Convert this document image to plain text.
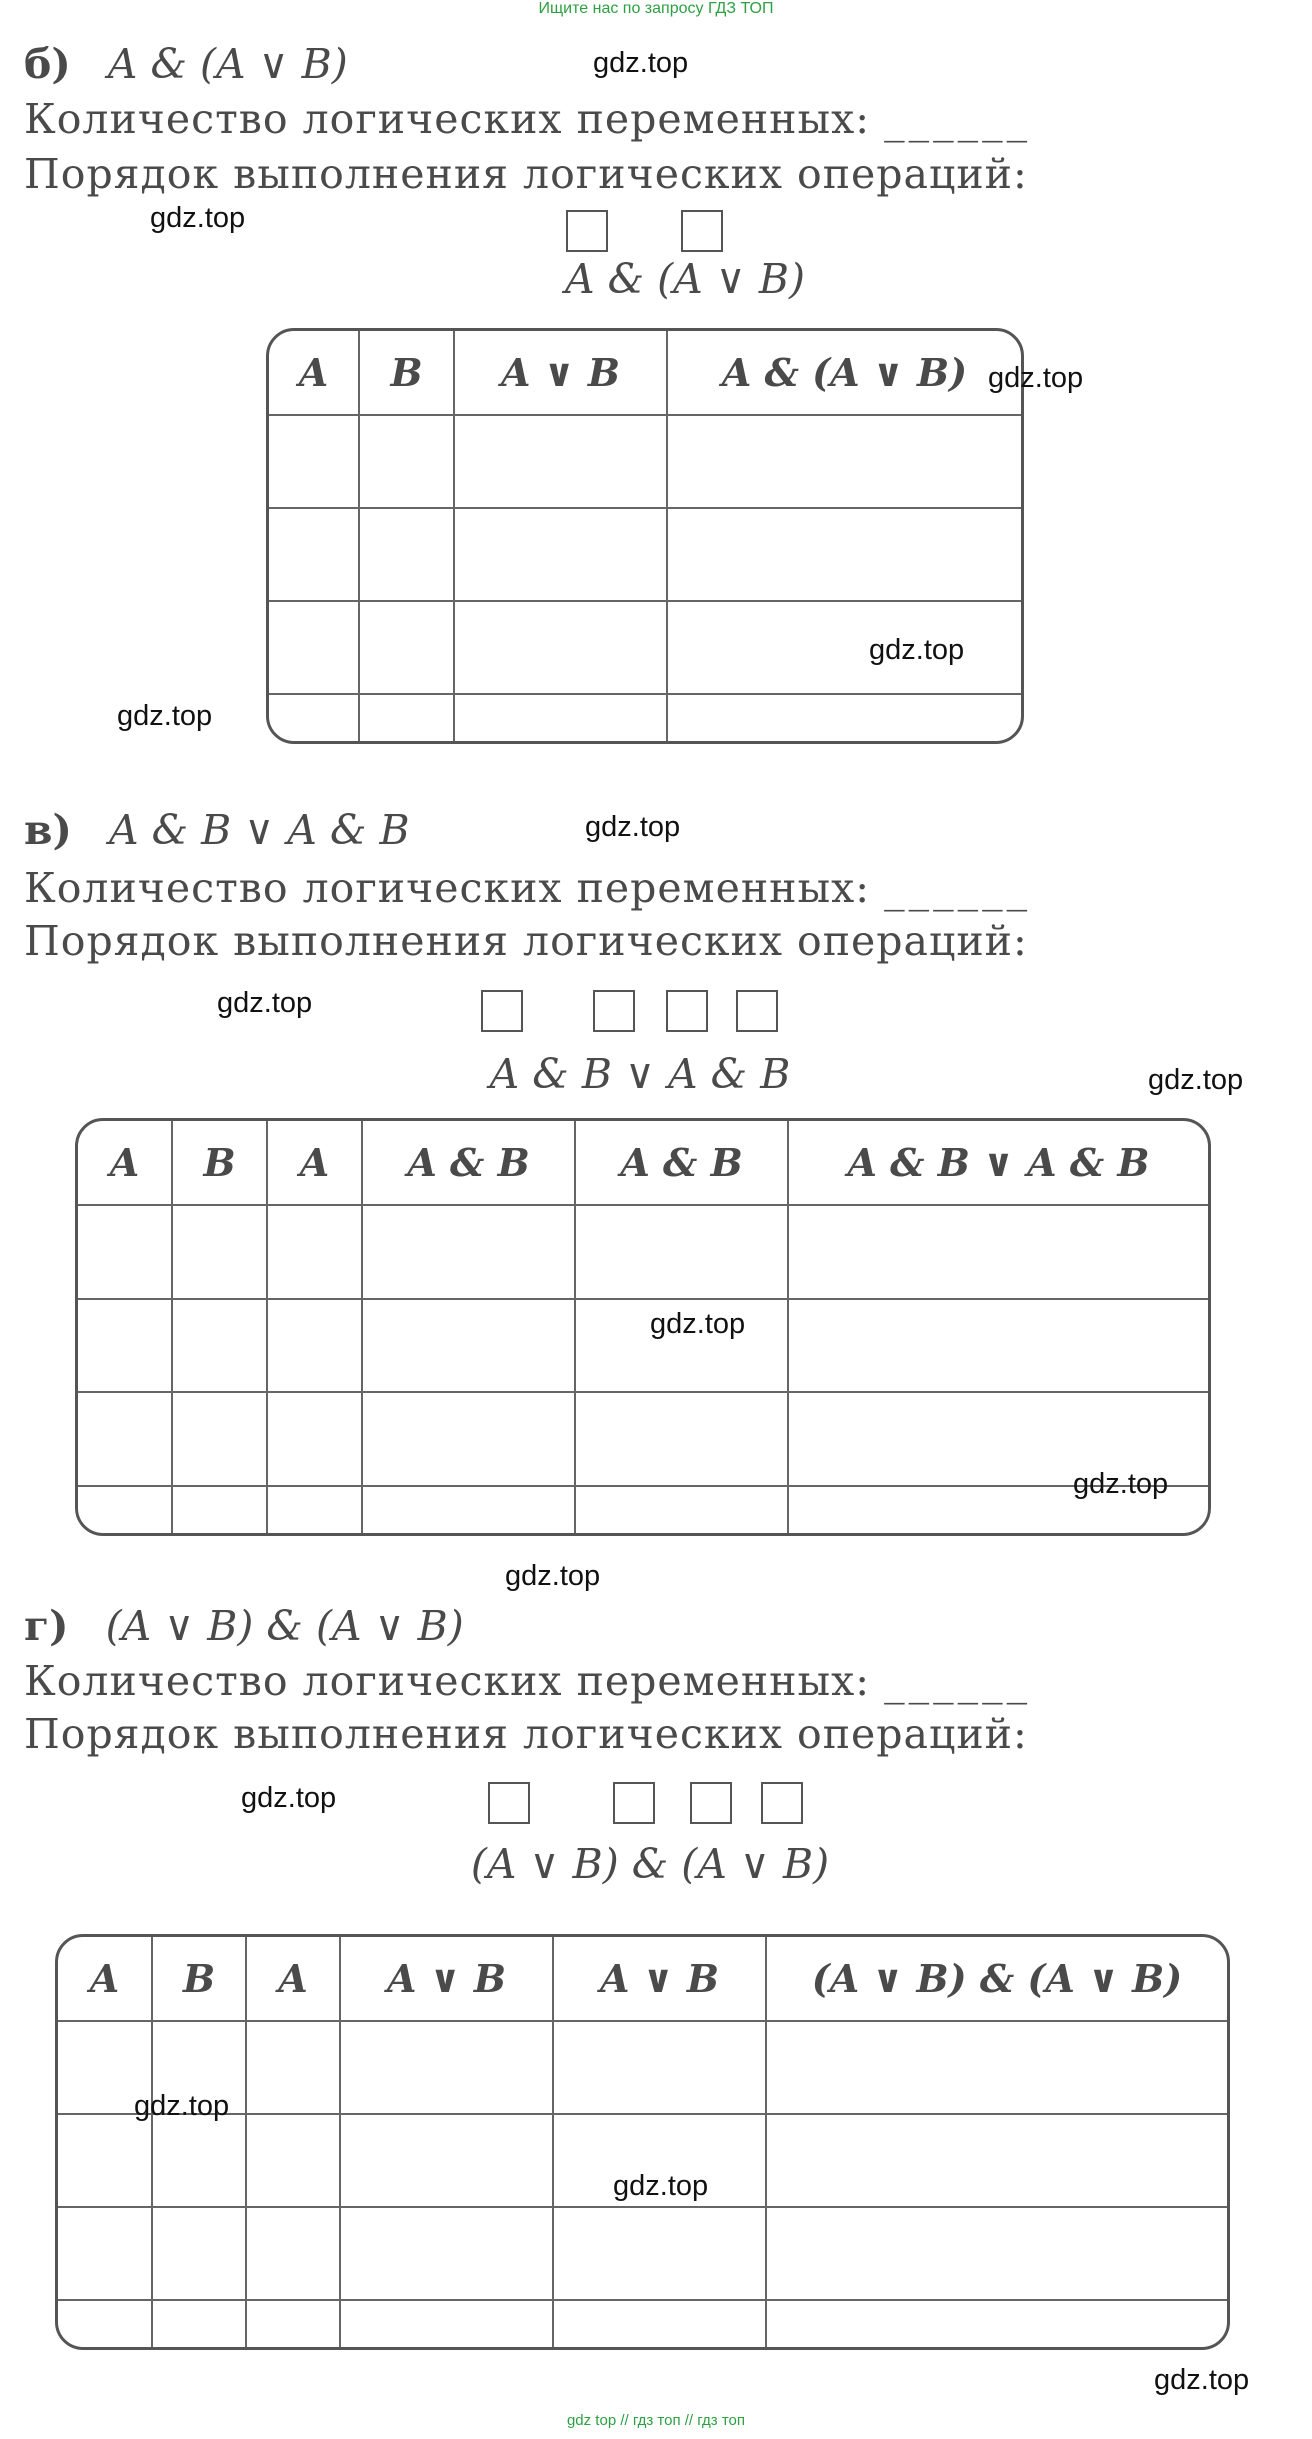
Ищите нас по запросу ГДЗ ТОП
б) A & (A ∨ B)
Количество логических переменных: ______
Порядок выполнения логических операций:
A & (A ∨ B)
A	B	A ∨ B	A & (A ∨ B)

в) A & B ∨ A & B
Количество логических переменных: ______
Порядок выполнения логических операций:
A & B ∨ A & B
A	B	A	A & B	A & B	A & B ∨ A & B

г) (A ∨ B) & (A ∨ B)
Количество логических переменных: ______
Порядок выполнения логических операций:
(A ∨ B) & (A ∨ B)
A	B	A	A ∨ B	A ∨ B	(A ∨ B) & (A ∨ B)

gdz.top
gdz.top
gdz.top
gdz.top
gdz.top
gdz.top
gdz.top
gdz.top
gdz.top
gdz.top
gdz.top
gdz.top
gdz.top
gdz.top
gdz.top
gdz top // гдз топ // гдз топ
